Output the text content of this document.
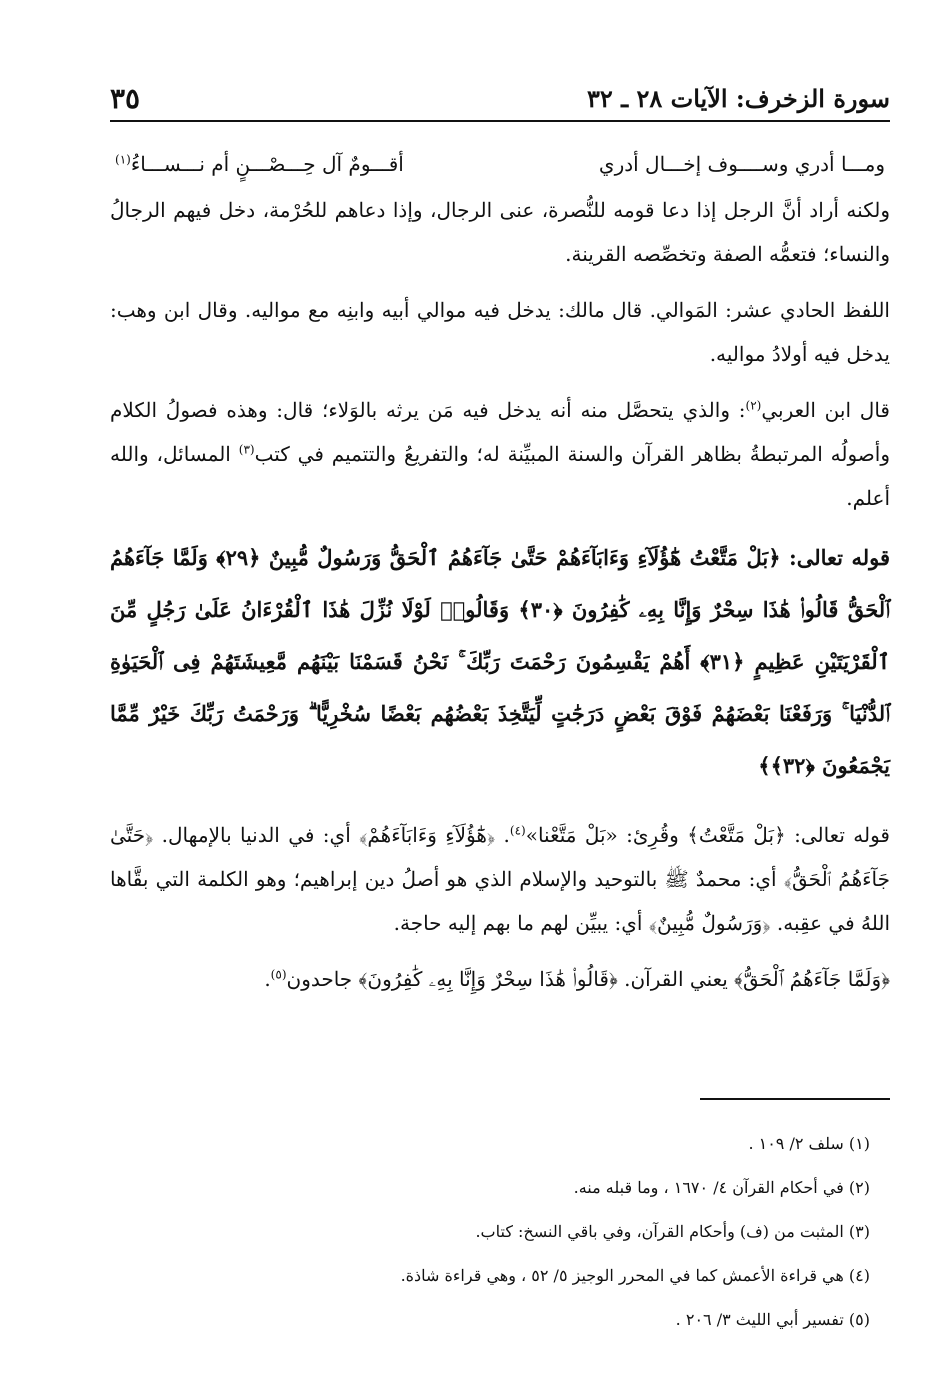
سورة الزخرف: الآيات ٢٨ ـ ٣٢
٣٥
ومـــا أدري وســــوف إخـــال أدري
أقـــومٌ آل حِـــصْـــنٍ أم نـــســـاءُ$^{(١)}$

ولكنه أراد أنَّ الرجل إذا دعا قومه للنُّصرة، عنى الرجال، وإذا دعاهم للحُرْمة، دخل فيهم الرجالُ والنساء؛ فتعمُّه الصفة وتخصِّصه القرينة.

اللفظ الحادي عشر: المَوالي. قال مالك: يدخل فيه موالي أبيه وابنِه مع مواليه. وقال ابن وهب: يدخل فيه أولادُ مواليه.

قال ابن العربي$^{(٢)}$: والذي يتحصَّل منه أنه يدخل فيه مَن يرثه بالوَلاء؛ قال: وهذه فصولُ الكلام وأصولُه المرتبطةُ بظاهر القرآن والسنة المبيِّنة له؛ والتفريعُ والتتميم في كتب$^{(٣)}$ المسائل، والله أعلم.

قوله تعالى: ﴿بَلْ مَتَّعْتُ هَٰٓؤُلَآءِ وَءَابَآءَهُمْ حَتَّىٰ جَآءَهُمُ ٱلْحَقُّ وَرَسُولٌ مُّبِينٌ ﴿٢٩﴾ وَلَمَّا جَآءَهُمُ ٱلْحَقُّ قَالُوا۟ هَٰذَا سِحْرٌ وَإِنَّا بِهِۦ كَٰفِرُونَ ﴿٣٠﴾ وَقَالُوا۟ لَوْلَا نُزِّلَ هَٰذَا ٱلْقُرْءَانُ عَلَىٰ رَجُلٍ مِّنَ ٱلْقَرْيَتَيْنِ عَظِيمٍ ﴿٣١﴾ أَهُمْ يَقْسِمُونَ رَحْمَتَ رَبِّكَ ۚ نَحْنُ قَسَمْنَا بَيْنَهُم مَّعِيشَتَهُمْ فِى ٱلْحَيَوٰةِ ٱلدُّنْيَا ۚ وَرَفَعْنَا بَعْضَهُمْ فَوْقَ بَعْضٍ دَرَجَٰتٍ لِّيَتَّخِذَ بَعْضُهُم بَعْضًا سُخْرِيًّا ۗ وَرَحْمَتُ رَبِّكَ خَيْرٌ مِّمَّا يَجْمَعُونَ ﴿٣٢﴾﴾

قوله تعالى: ﴿بَلْ مَتَّعْتُ﴾ وقُرِئ: «بَلْ مَتَّعْنا»$^{(٤)}$. ﴿هَٰٓؤُلَآءِ وَءَابَآءَهُمْ﴾ أي: في الدنيا بالإمهال. ﴿حَتَّىٰ جَآءَهُمُ ٱلْحَقُّ﴾ أي: محمدٌ ﷺ بالتوحيد والإسلام الذي هو أصلُ دين إبراهيم؛ وهو الكلمة التي بقَّاها اللهُ في عقِبه. ﴿وَرَسُولٌ مُّبِينٌ﴾ أي: يبيِّن لهم ما بهم إليه حاجة.

﴿وَلَمَّا جَآءَهُمُ ٱلْحَقُّ﴾ يعني القرآن. ﴿قَالُوا۟ هَٰذَا سِحْرٌ وَإِنَّا بِهِۦ كَٰفِرُونَ﴾ جاحدون$^{(٥)}$.

(١) سلف ٢/ ١٠٩ .

(٢) في أحكام القرآن ٤/ ١٦٧٠ ، وما قبله منه.

(٣) المثبت من (ف) وأحكام القرآن، وفي باقي النسخ: كتاب.

(٤) هي قراءة الأعمش كما في المحرر الوجيز ٥/ ٥٢ ، وهي قراءة شاذة.

(٥) تفسير أبي الليث ٣/ ٢٠٦ .
